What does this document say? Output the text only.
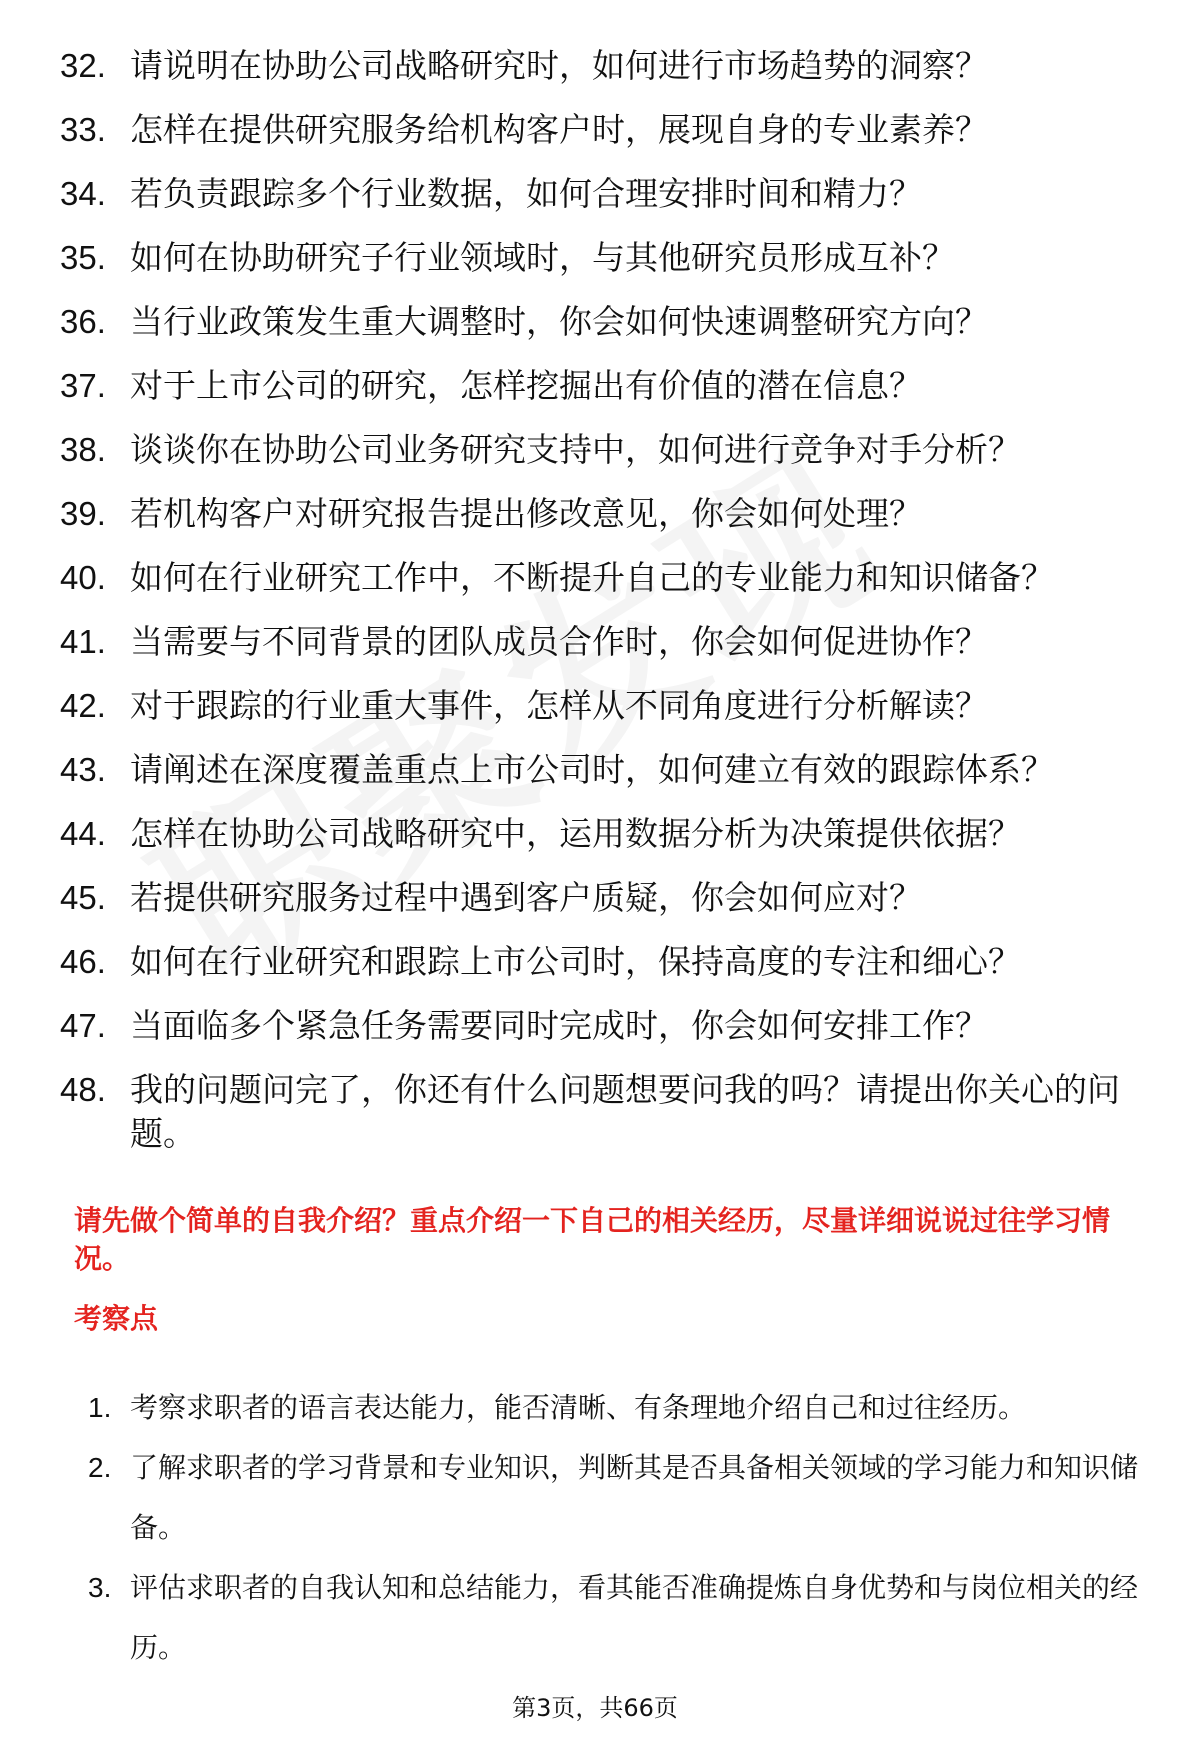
32. 请说明在协助公司战略研究时，如何进行市场趋势的洞察？
33. 怎样在提供研究服务给机构客户时，展现自身的专业素养？
34. 若负责跟踪多个行业数据，如何合理安排时间和精力？
35. 如何在协助研究子行业领域时，与其他研究员形成互补？
36. 当行业政策发生重大调整时，你会如何快速调整研究方向？
37. 对于上市公司的研究，怎样挖掘出有价值的潜在信息？
38. 谈谈你在协助公司业务研究支持中，如何进行竞争对手分析？
39. 若机构客户对研究报告提出修改意见，你会如何处理？
40. 如何在行业研究工作中，不断提升自己的专业能力和知识储备？
41. 当需要与不同背景的团队成员合作时，你会如何促进协作？
42. 对于跟踪的行业重大事件，怎样从不同角度进行分析解读？
43. 请阐述在深度覆盖重点上市公司时，如何建立有效的跟踪体系？
44. 怎样在协助公司战略研究中，运用数据分析为决策提供依据？
45. 若提供研究服务过程中遇到客户质疑，你会如何应对？
46. 如何在行业研究和跟踪上市公司时，保持高度的专注和细心？
47. 当面临多个紧急任务需要同时完成时，你会如何安排工作？
48. 我的问题问完了，你还有什么问题想要问我的吗？请提出你关心的问题。

请先做个简单的自我介绍？重点介绍一下自己的相关经历，尽量详细说说过往学习情况。

考察点

1. 考察求职者的语言表达能力，能否清晰、有条理地介绍自己和过往经历。
2. 了解求职者的学习背景和专业知识，判断其是否具备相关领域的学习能力和知识储备。
3. 评估求职者的自我认知和总结能力，看其能否准确提炼自身优势和与岗位相关的经历。
第3页，共66页
